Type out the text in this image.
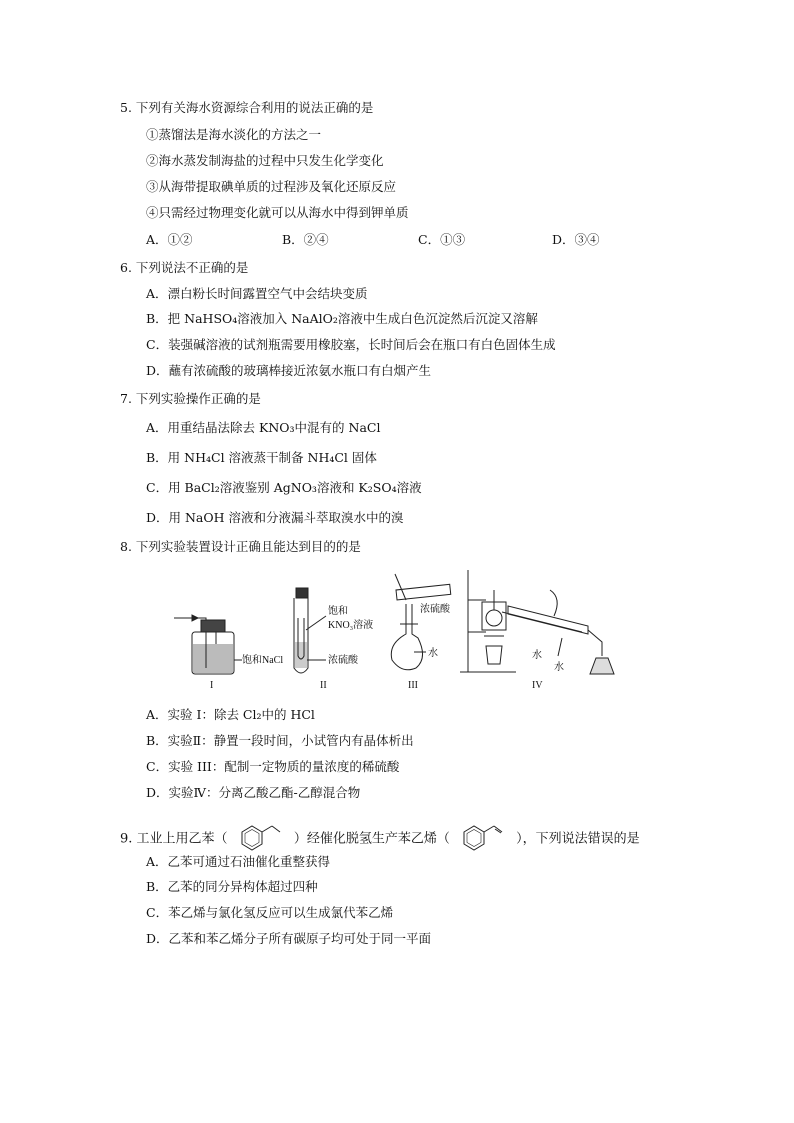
5. 下列有关海水资源综合利用的说法正确的是
①蒸馏法是海水淡化的方法之一
②海水蒸发制海盐的过程中只发生化学变化
③从海带提取碘单质的过程涉及氧化还原反应
④只需经过物理变化就可以从海水中得到钾单质
A．①②	B．②④	C．①③	D．③④
6. 下列说法不正确的是
A．漂白粉长时间露置空气中会结块变质
B．把 NaHSO₄溶液加入 NaAlO₂溶液中生成白色沉淀然后沉淀又溶解
C．装强碱溶液的试剂瓶需要用橡胶塞，长时间后会在瓶口有白色固体生成
D．蘸有浓硫酸的玻璃棒接近浓氨水瓶口有白烟产生
7. 下列实验操作正确的是
A．用重结晶法除去 KNO₃中混有的 NaCl
B．用 NH₄Cl 溶液蒸干制备 NH₄Cl 固体
C．用 BaCl₂溶液鉴别 AgNO₃溶液和 K₂SO₄溶液
D．用 NaOH 溶液和分液漏斗萃取溴水中的溴
8. 下列实验装置设计正确且能达到目的的是
饱和NaCl
I
饱和
KNO₃溶液
浓硫酸
II
浓硫酸
水
III
水
水
IV
A．实验 I：除去 Cl₂中的 HCl
B．实验Ⅱ：静置一段时间，小试管内有晶体析出
C．实验 III：配制一定物质的量浓度的稀硫酸
D．实验Ⅳ：分离乙酸乙酯-乙醇混合物
9. 工业上用乙苯（	）经催化脱氢生产苯乙烯（	），下列说法错误的是
A．乙苯可通过石油催化重整获得
B．乙苯的同分异构体超过四种
C．苯乙烯与氯化氢反应可以生成氯代苯乙烯
D．乙苯和苯乙烯分子所有碳原子均可处于同一平面
